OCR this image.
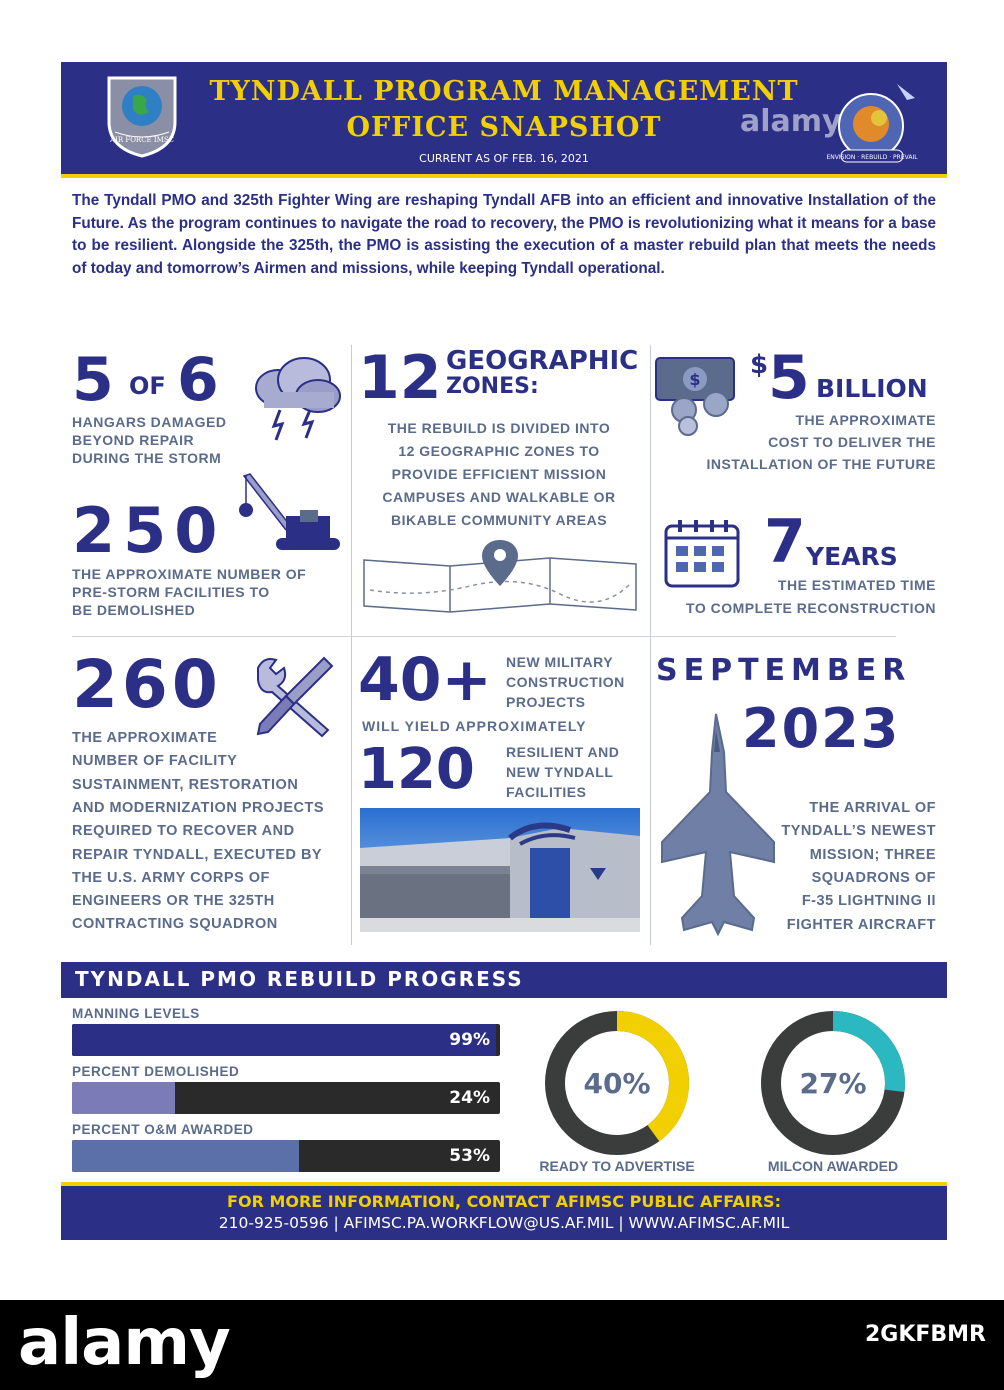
AIR FORCE IMSC
TYNDALL PROGRAM MANAGEMENT
OFFICE SNAPSHOT
CURRENT AS OF FEB. 16, 2021	ENVISION · REBUILD · PREVAIL
alamy
The Tyndall PMO and 325th Fighter Wing are reshaping Tyndall AFB into an efficient and innovative Installation of the Future. As the program continues to navigate the road to recovery, the PMO is revolutionizing what it means for a base to be resilient. Alongside the 325th, the PMO is assisting the execution of a master rebuild plan that meets the needs of today and tomorrow’s Airmen and missions, while keeping Tyndall operational.
5 OF 6
HANGARS DAMAGED
BEYOND REPAIR
DURING THE STORM
250
THE APPROXIMATE NUMBER OF
PRE-STORM FACILITIES TO
BE DEMOLISHED
12 GEOGRAPHIC
ZONES:
THE REBUILD IS DIVIDED INTO
12 GEOGRAPHIC ZONES TO
PROVIDE EFFICIENT MISSION
CAMPUSES AND WALKABLE OR
BIKABLE COMMUNITY AREAS
$ $ 5 BILLION
THE APPROXIMATE
COST TO DELIVER THE
INSTALLATION OF THE FUTURE
7 YEARS
THE ESTIMATED TIME
TO COMPLETE RECONSTRUCTION
260
THE APPROXIMATE
NUMBER OF FACILITY
SUSTAINMENT, RESTORATION
AND MODERNIZATION PROJECTS
REQUIRED TO RECOVER AND
REPAIR TYNDALL, EXECUTED BY
THE U.S. ARMY CORPS OF
ENGINEERS OR THE 325TH
CONTRACTING SQUADRON
40+ NEW MILITARY
CONSTRUCTION
PROJECTS
WILL YIELD APPROXIMATELY
120 RESILIENT AND
NEW TYNDALL
FACILITIES
SEPTEMBER
2023
THE ARRIVAL OF
TYNDALL’S NEWEST
MISSION; THREE
SQUADRONS OF
F-35 LIGHTNING II
FIGHTER AIRCRAFT
TYNDALL PMO REBUILD PROGRESS
MANNING LEVELS
99%
PERCENT DEMOLISHED
24%
PERCENT O&M AWARDED
53%
40%
READY TO ADVERTISE
27%
MILCON AWARDED
FOR MORE INFORMATION, CONTACT AFIMSC PUBLIC AFFAIRS:
210-925-0596 | AFIMSC.PA.WORKFLOW@US.AF.MIL | WWW.AFIMSC.AF.MIL
alamy	2GKFBMR
